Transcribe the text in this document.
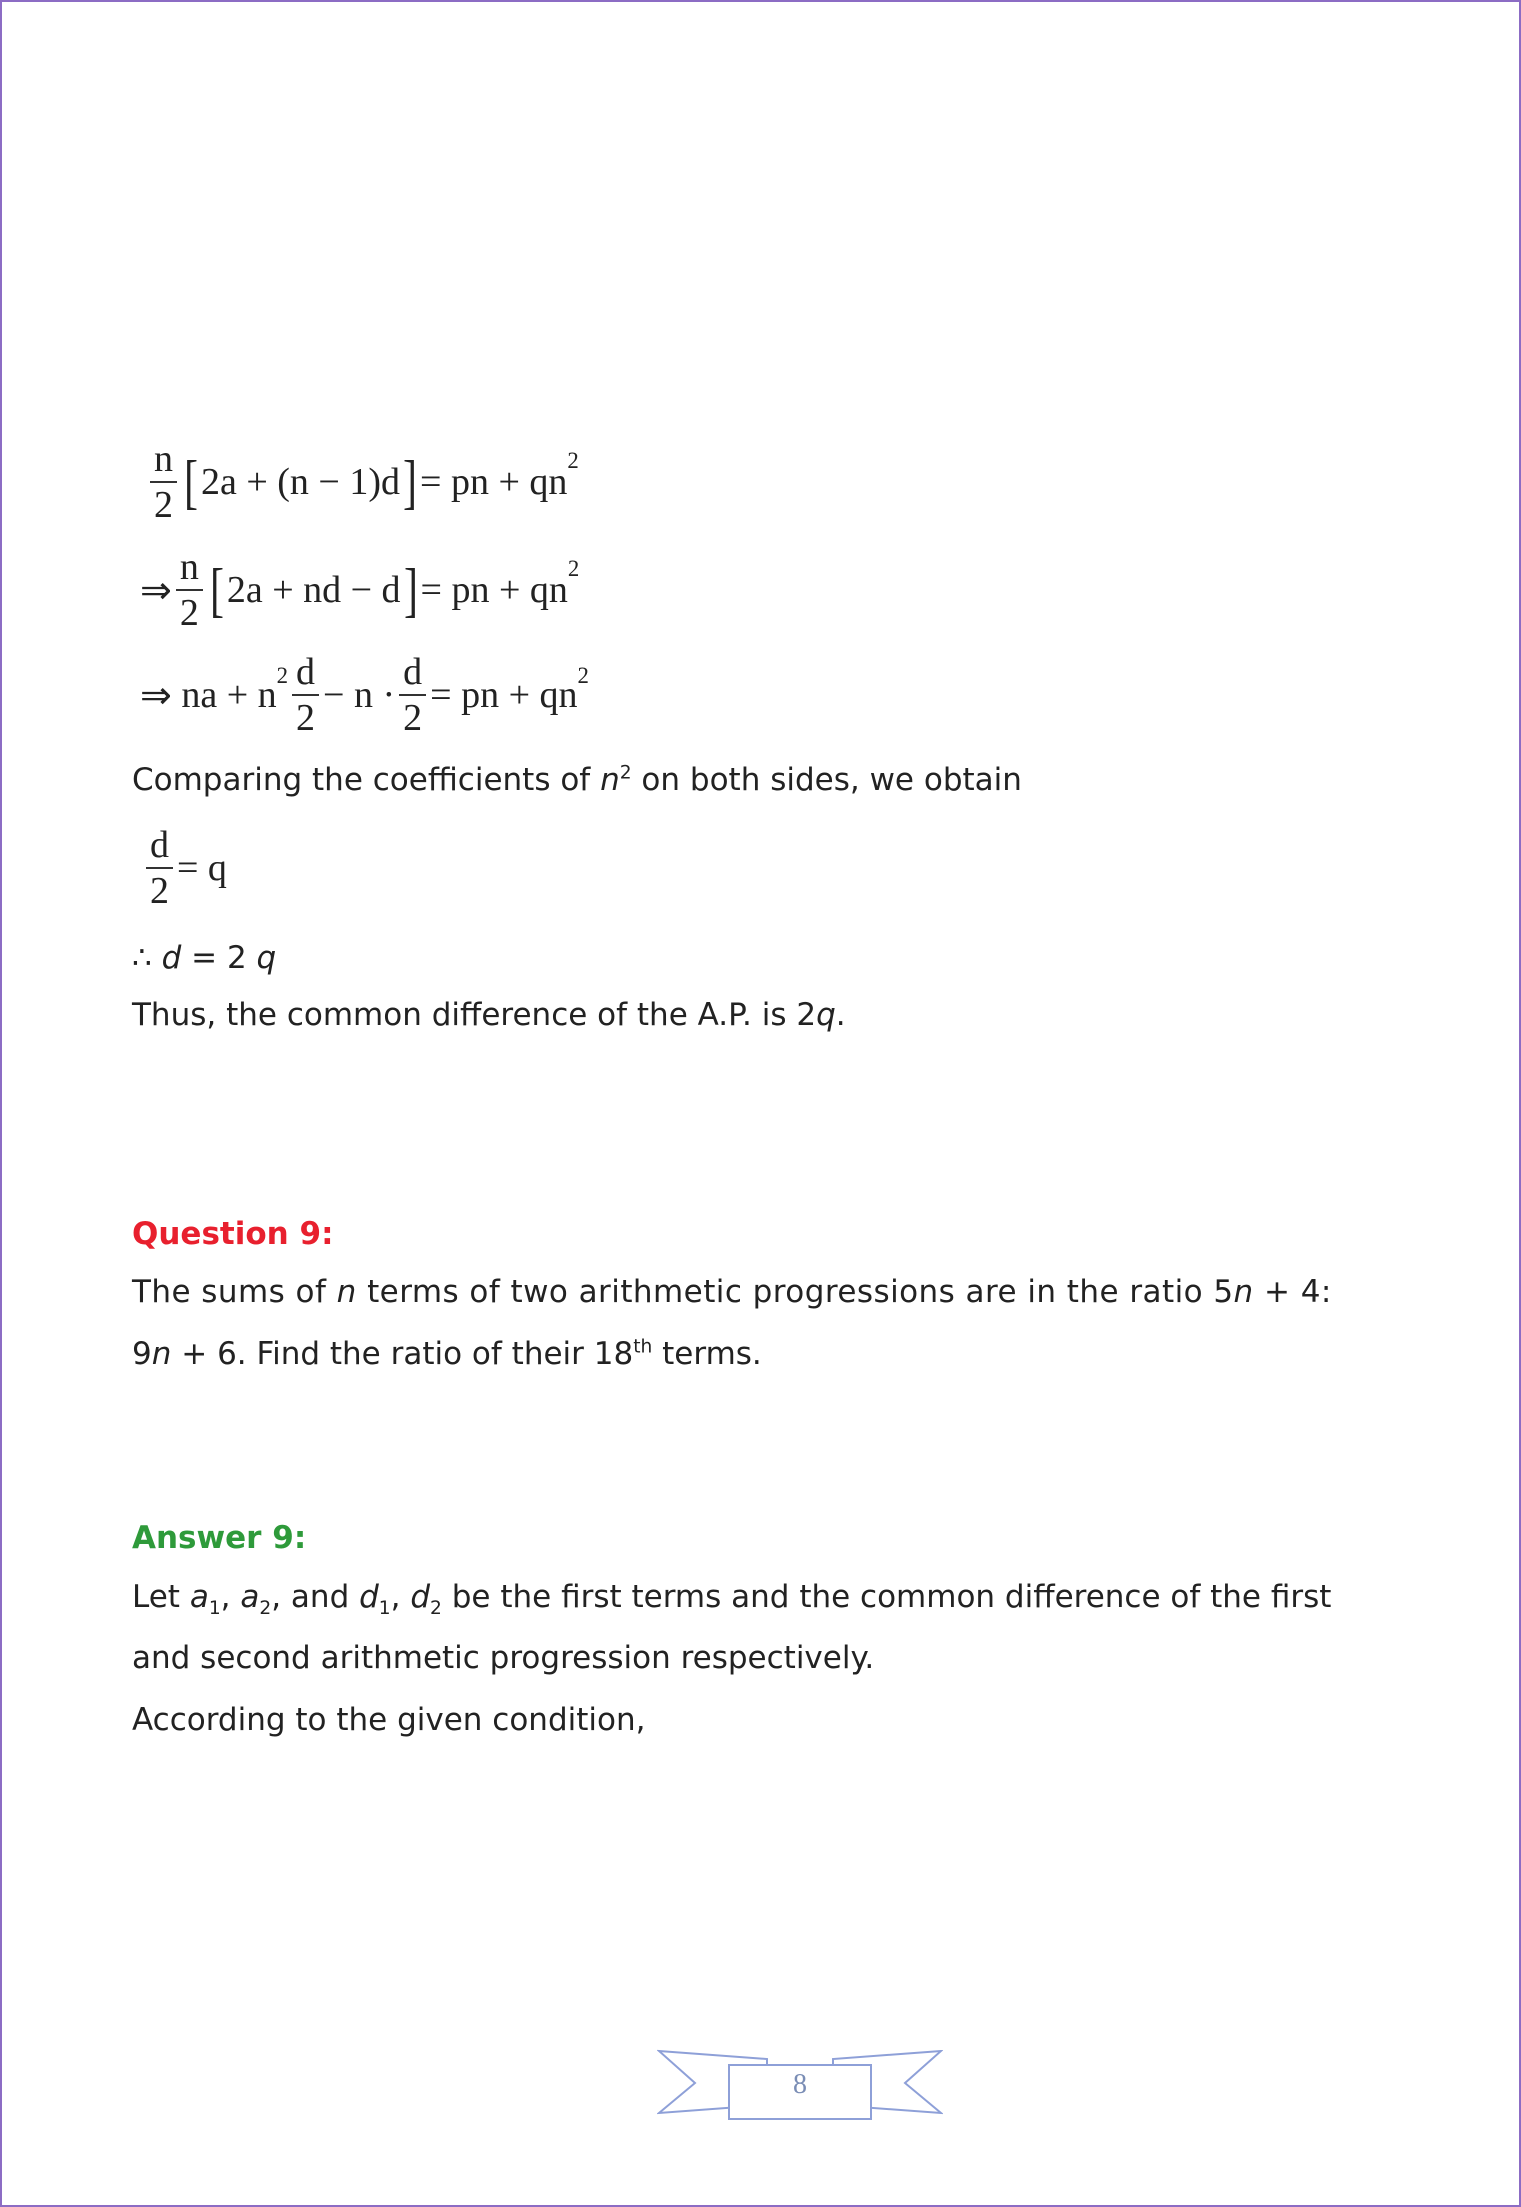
$\frac{n}{2}$ [ 2a + (n − 1)d ] = pn + qn
$^2$
⇒ $\frac{n}{2}$ [ 2a + nd − d ] = pn + qn
$^2$
⇒
na + $n^2 \frac{d}{2} - n \cdot \frac{d}{2}$ = pn + $qn^2$
Comparing the coefficients of $n^2$ on both sides, we obtain
$\frac{d}{2} = q$
∴ d = 2 q
Thus, the common difference of the A.P. is 2q.
Question 9:
The sums of n terms of two arithmetic progressions are in the ratio 5n + 4:
9n + 6. Find the ratio of their 18th terms.
Answer 9:
Let $a_1$, $a_2$, and $d_1$, $d_2$ be the first terms and the common difference of the first
and second arithmetic progression respectively.
According to the given condition,
8
